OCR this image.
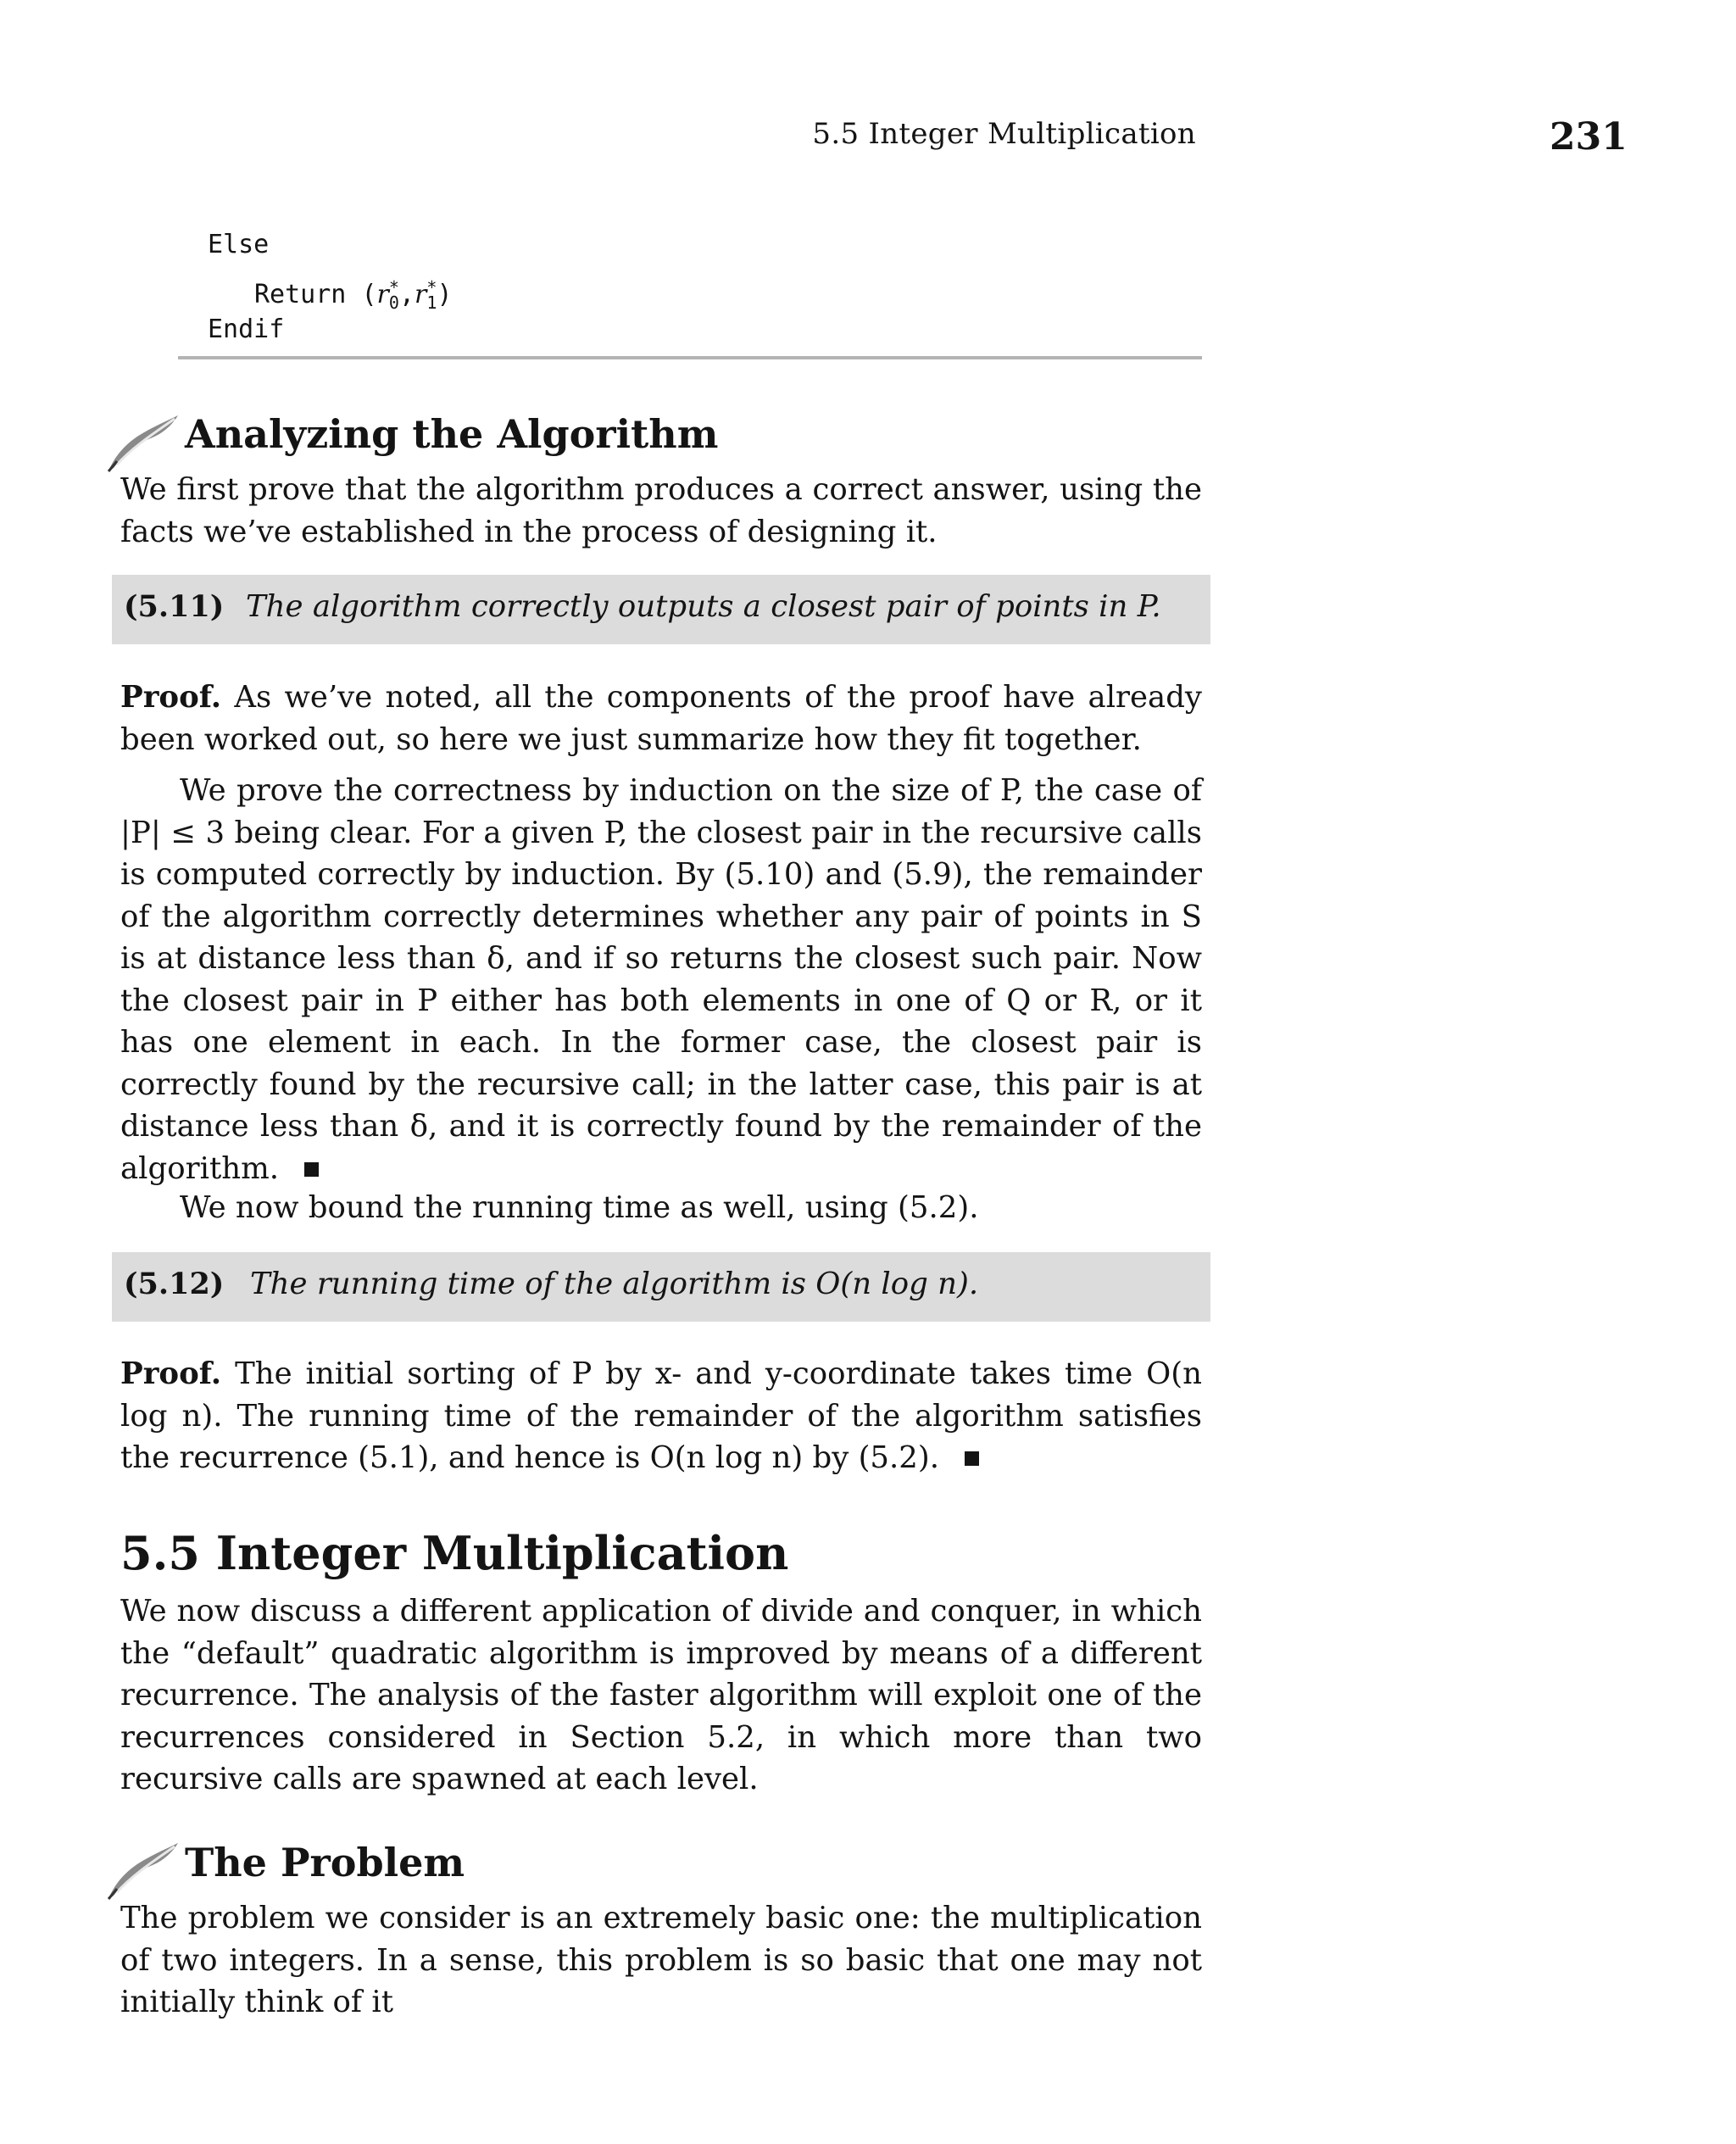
5.5 Integer Multiplication	231
Else
Return $(r^*_0,r^*_1)$
Endif
Analyzing the Algorithm
We first prove that the algorithm produces a correct answer, using the facts we’ve established in the process of designing it.
(5.11) The algorithm correctly outputs a closest pair of points in P.

Proof. As we’ve noted, all the components of the proof have already been worked out, so here we just summarize how they fit together.

We prove the correctness by induction on the size of P, the case of |P| ≤ 3 being clear. For a given P, the closest pair in the recursive calls is computed correctly by induction. By (5.10) and (5.9), the remainder of the algorithm correctly determines whether any pair of points in S is at distance less than δ, and if so returns the closest such pair. Now the closest pair in P either has both elements in one of Q or R, or it has one element in each. In the former case, the closest pair is correctly found by the recursive call; in the latter case, this pair is at distance less than δ, and it is correctly found by the remainder of the algorithm.

We now bound the running time as well, using (5.2).
(5.12) The running time of the algorithm is O(n log n).

Proof. The initial sorting of P by x- and y-coordinate takes time O(n log n). The running time of the remainder of the algorithm satisfies the recurrence (5.1), and hence is O(n log n) by (5.2).

5.5 Integer Multiplication
We now discuss a different application of divide and conquer, in which the “default” quadratic algorithm is improved by means of a different recurrence. The analysis of the faster algorithm will exploit one of the recurrences considered in Section 5.2, in which more than two recursive calls are spawned at each level.
The Problem
The problem we consider is an extremely basic one: the multiplication of two integers. In a sense, this problem is so basic that one may not initially think of it
